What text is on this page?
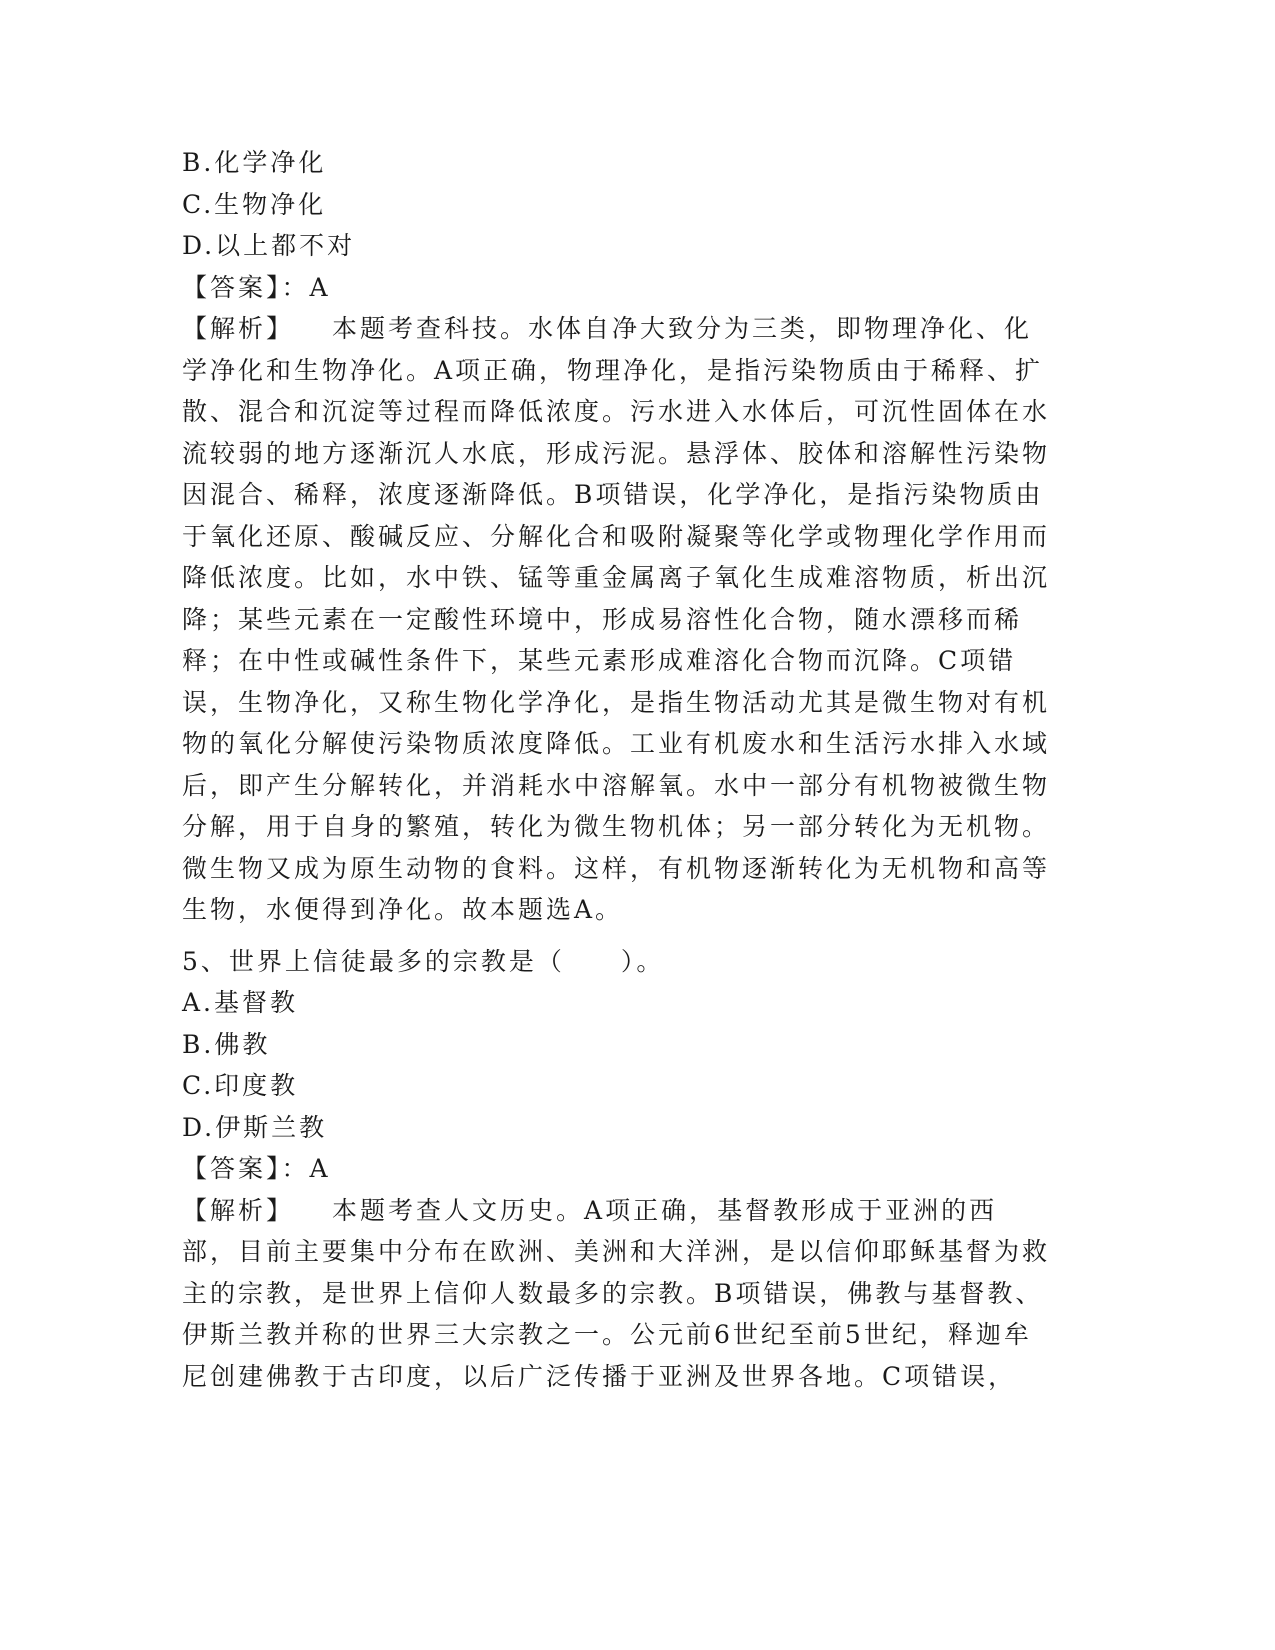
B.化学净化
C.生物净化
D.以上都不对
【答案】：A

【解析】 本题考查科技。水体自净大致分为三类，即物理净化、化学净化和生物净化。A项正确，物理净化，是指污染物质由于稀释、扩散、混合和沉淀等过程而降低浓度。污水进入水体后，可沉性固体在水流较弱的地方逐渐沉人水底，形成污泥。悬浮体、胶体和溶解性污染物因混合、稀释，浓度逐渐降低。B项错误，化学净化，是指污染物质由于氧化还原、酸碱反应、分解化合和吸附凝聚等化学或物理化学作用而降低浓度。比如，水中铁、锰等重金属离子氧化生成难溶物质，析出沉降；某些元素在一定酸性环境中，形成易溶性化合物，随水漂移而稀释；在中性或碱性条件下，某些元素形成难溶化合物而沉降。C项错误，生物净化，又称生物化学净化，是指生物活动尤其是微生物对有机物的氧化分解使污染物质浓度降低。工业有机废水和生活污水排入水域后，即产生分解转化，并消耗水中溶解氧。水中一部分有机物被微生物分解，用于自身的繁殖，转化为微生物机体；另一部分转化为无机物。微生物又成为原生动物的食料。这样，有机物逐渐转化为无机物和高等生物，水便得到净化。故本题选A。

5、世界上信徒最多的宗教是（　　）。
A.基督教
B.佛教
C.印度教
D.伊斯兰教
【答案】：A

【解析】 本题考查人文历史。A项正确，基督教形成于亚洲的西部，目前主要集中分布在欧洲、美洲和大洋洲，是以信仰耶稣基督为救主的宗教，是世界上信仰人数最多的宗教。B项错误，佛教与基督教、伊斯兰教并称的世界三大宗教之一。公元前6世纪至前5世纪，释迦牟尼创建佛教于古印度，以后广泛传播于亚洲及世界各地。C项错误，
